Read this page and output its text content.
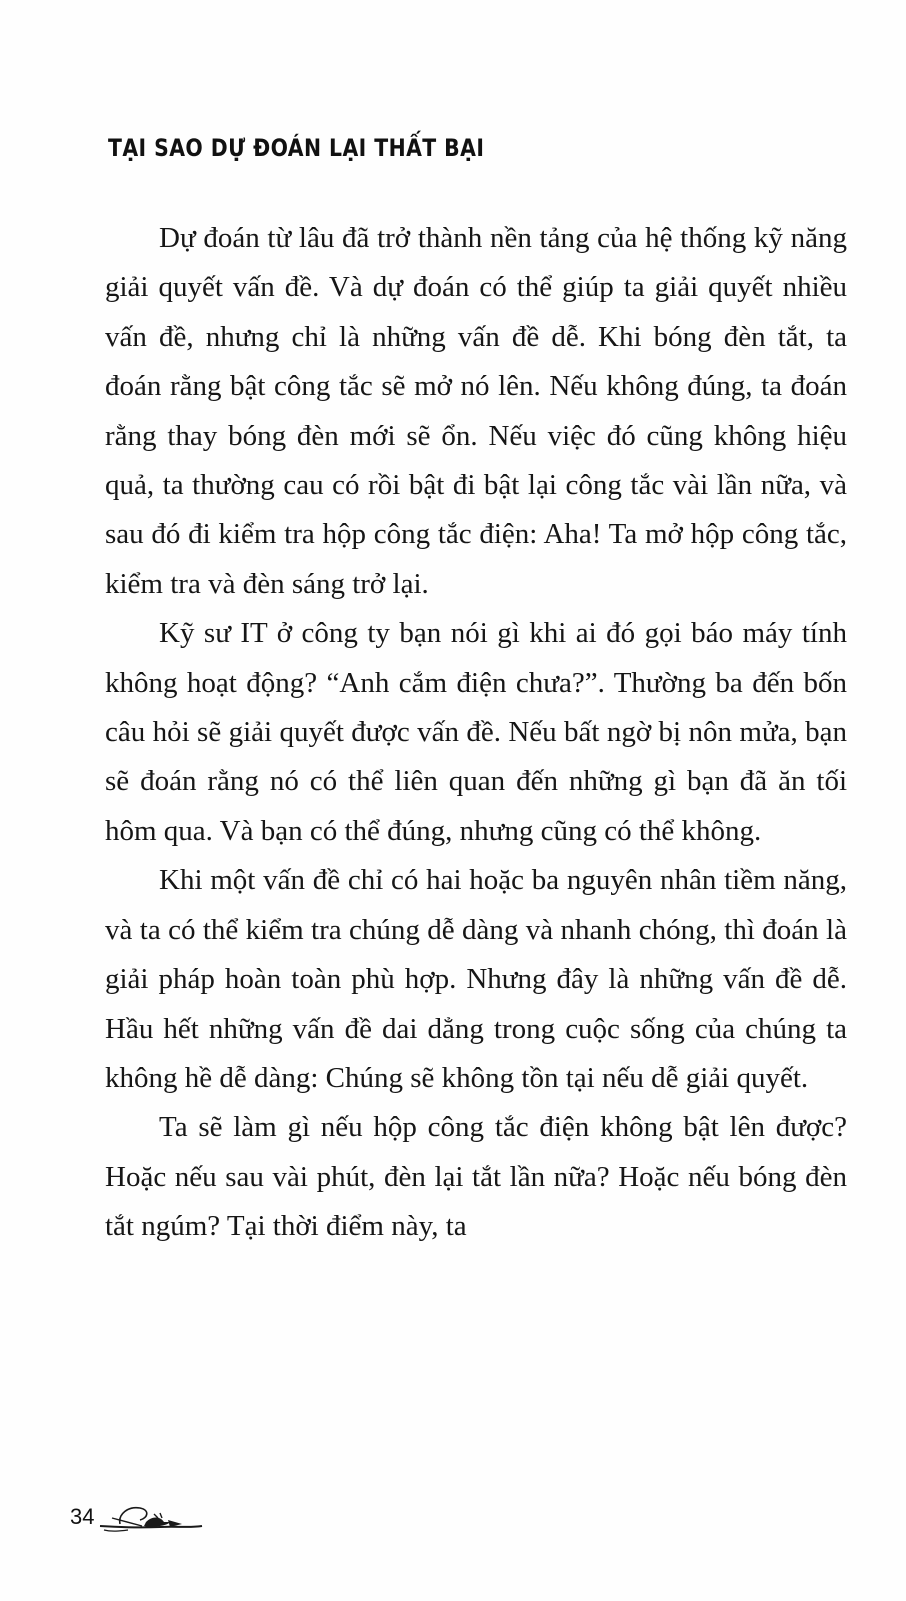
TẠI SAO DỰ ĐOÁN LẠI THẤT BẠI

Dự đoán từ lâu đã trở thành nền tảng của hệ thống kỹ năng giải quyết vấn đề. Và dự đoán có thể giúp ta giải quyết nhiều vấn đề, nhưng chỉ là những vấn đề dễ. Khi bóng đèn tắt, ta đoán rằng bật công tắc sẽ mở nó lên. Nếu không đúng, ta đoán rằng thay bóng đèn mới sẽ ổn. Nếu việc đó cũng không hiệu quả, ta thường cau có rồi bật đi bật lại công tắc vài lần nữa, và sau đó đi kiểm tra hộp công tắc điện: Aha! Ta mở hộp công tắc, kiểm tra và đèn sáng trở lại.

Kỹ sư IT ở công ty bạn nói gì khi ai đó gọi báo máy tính không hoạt động? “Anh cắm điện chưa?”. Thường ba đến bốn câu hỏi sẽ giải quyết được vấn đề. Nếu bất ngờ bị nôn mửa, bạn sẽ đoán rằng nó có thể liên quan đến những gì bạn đã ăn tối hôm qua. Và bạn có thể đúng, nhưng cũng có thể không.

Khi một vấn đề chỉ có hai hoặc ba nguyên nhân tiềm năng, và ta có thể kiểm tra chúng dễ dàng và nhanh chóng, thì đoán là giải pháp hoàn toàn phù hợp. Nhưng đây là những vấn đề dễ. Hầu hết những vấn đề dai dẳng trong cuộc sống của chúng ta không hề dễ dàng: Chúng sẽ không tồn tại nếu dễ giải quyết.

Ta sẽ làm gì nếu hộp công tắc điện không bật lên được? Hoặc nếu sau vài phút, đèn lại tắt lần nữa? Hoặc nếu bóng đèn tắt ngúm? Tại thời điểm này, ta

34
